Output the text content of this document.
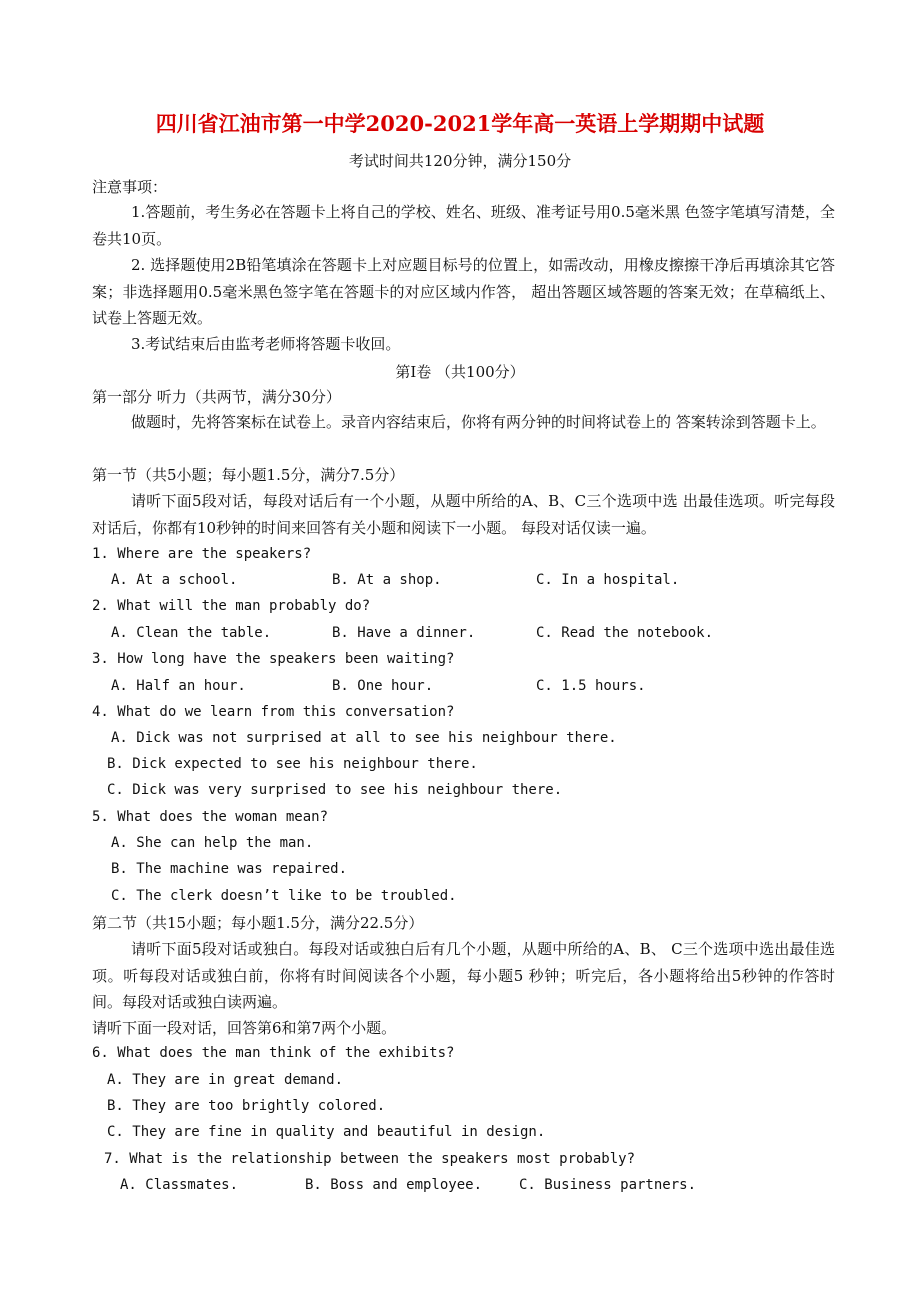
四川省江油市第一中学2020-2021学年高一英语上学期期中试题
考试时间共120分钟，满分150分
注意事项：
1.答题前，考生务必在答题卡上将自己的学校、姓名、班级、准考证号用0.5毫米黑 色签字笔填写清楚，全卷共10页。
2. 选择题使用2B铅笔填涂在答题卡上对应题目标号的位置上，如需改动，用橡皮擦擦干净后再填涂其它答案；非选择题用0.5毫米黑色签字笔在答题卡的对应区域内作答， 超出答题区域答题的答案无效；在草稿纸上、试卷上答题无效。
3.考试结束后由监考老师将答题卡收回。
第Ⅰ卷 （共100分）
第一部分 听力（共两节，满分30分）
做题时，先将答案标在试卷上。录音内容结束后，你将有两分钟的时间将试卷上的 答案转涂到答题卡上。
第一节（共5小题；每小题1.5分，满分7.5分）
请听下面5段对话，每段对话后有一个小题，从题中所给的A、B、C三个选项中选 出最佳选项。听完每段对话后，你都有10秒钟的时间来回答有关小题和阅读下一小题。 每段对话仅读一遍。
1. Where are the speakers?
A. At a school.	B. At a shop.	C. In a hospital.
2. What will the man probably do?
A. Clean the table.	B. Have a dinner.	C. Read the notebook.
3. How long have the speakers been waiting?
A. Half an hour.	B. One hour.	C. 1.5 hours.
4. What do we learn from this conversation?
A. Dick was not surprised at all to see his neighbour there.
B. Dick expected to see his neighbour there.
C. Dick was very surprised to see his neighbour there.
5. What does the woman mean?
A. She can help the man.
B. The machine was repaired.
C. The clerk doesn’t like to be troubled.
第二节（共15小题；每小题1.5分，满分22.5分）
请听下面5段对话或独白。每段对话或独白后有几个小题，从题中所给的A、B、 C三个选项中选出最佳选项。听每段对话或独白前，你将有时间阅读各个小题，每小题5 秒钟；听完后，各小题将给出5秒钟的作答时间。每段对话或独白读两遍。
请听下面一段对话，回答第6和第7两个小题。
6. What does the man think of the exhibits?
A. They are in great demand.
B. They are too brightly colored.
C. They are fine in quality and beautiful in design.
7. What is the relationship between the speakers most probably?
A. Classmates.	B. Boss and employee.	C. Business partners.
